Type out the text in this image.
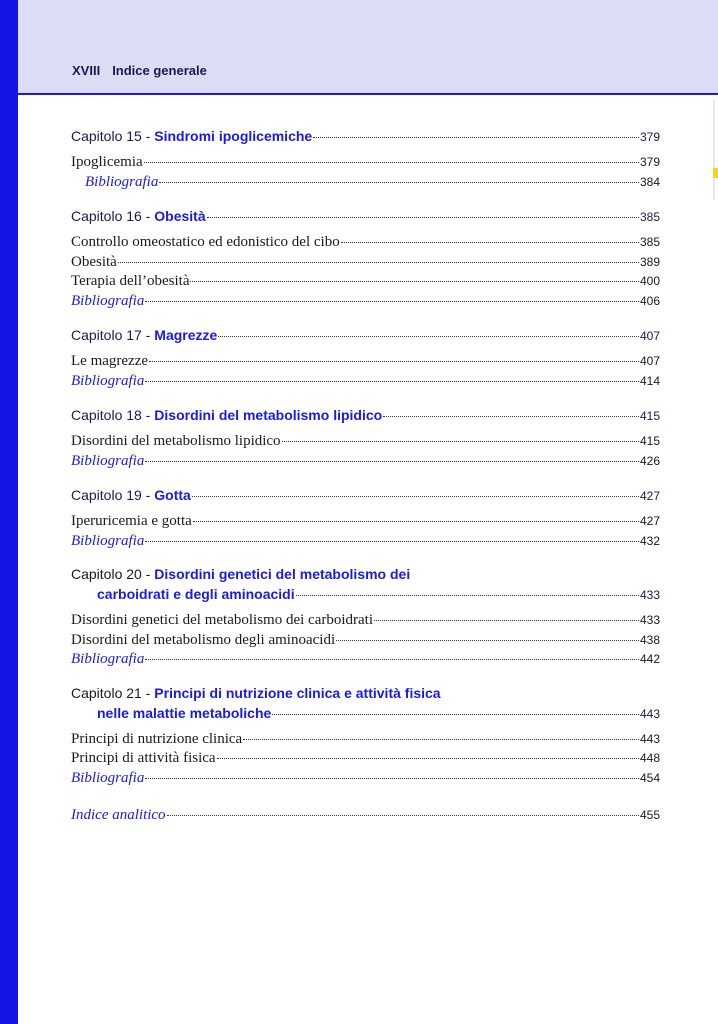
XVIII Indice generale
Capitolo 15 - Sindromi ipoglicemiche	379
Ipoglicemia	379
Bibliografia	384
Capitolo 16 - Obesità	385
Controllo omeostatico ed edonistico del cibo	385
Obesità	389
Terapia dell’obesità	400
Bibliografia	406
Capitolo 17 - Magrezze	407
Le magrezze	407
Bibliografia	414
Capitolo 18 - Disordini del metabolismo lipidico	415
Disordini del metabolismo lipidico	415
Bibliografia	426
Capitolo 19 - Gotta	427
Iperuricemia e gotta	427
Bibliografia	432
Capitolo 20 - Disordini genetici del metabolismo dei
carboidrati e degli aminoacidi	433
Disordini genetici del metabolismo dei carboidrati	433
Disordini del metabolismo degli aminoacidi	438
Bibliografia	442
Capitolo 21 - Principi di nutrizione clinica e attività fisica
nelle malattie metaboliche	443
Principi di nutrizione clinica	443
Principi di attività fisica	448
Bibliografia	454
Indice analitico	455
